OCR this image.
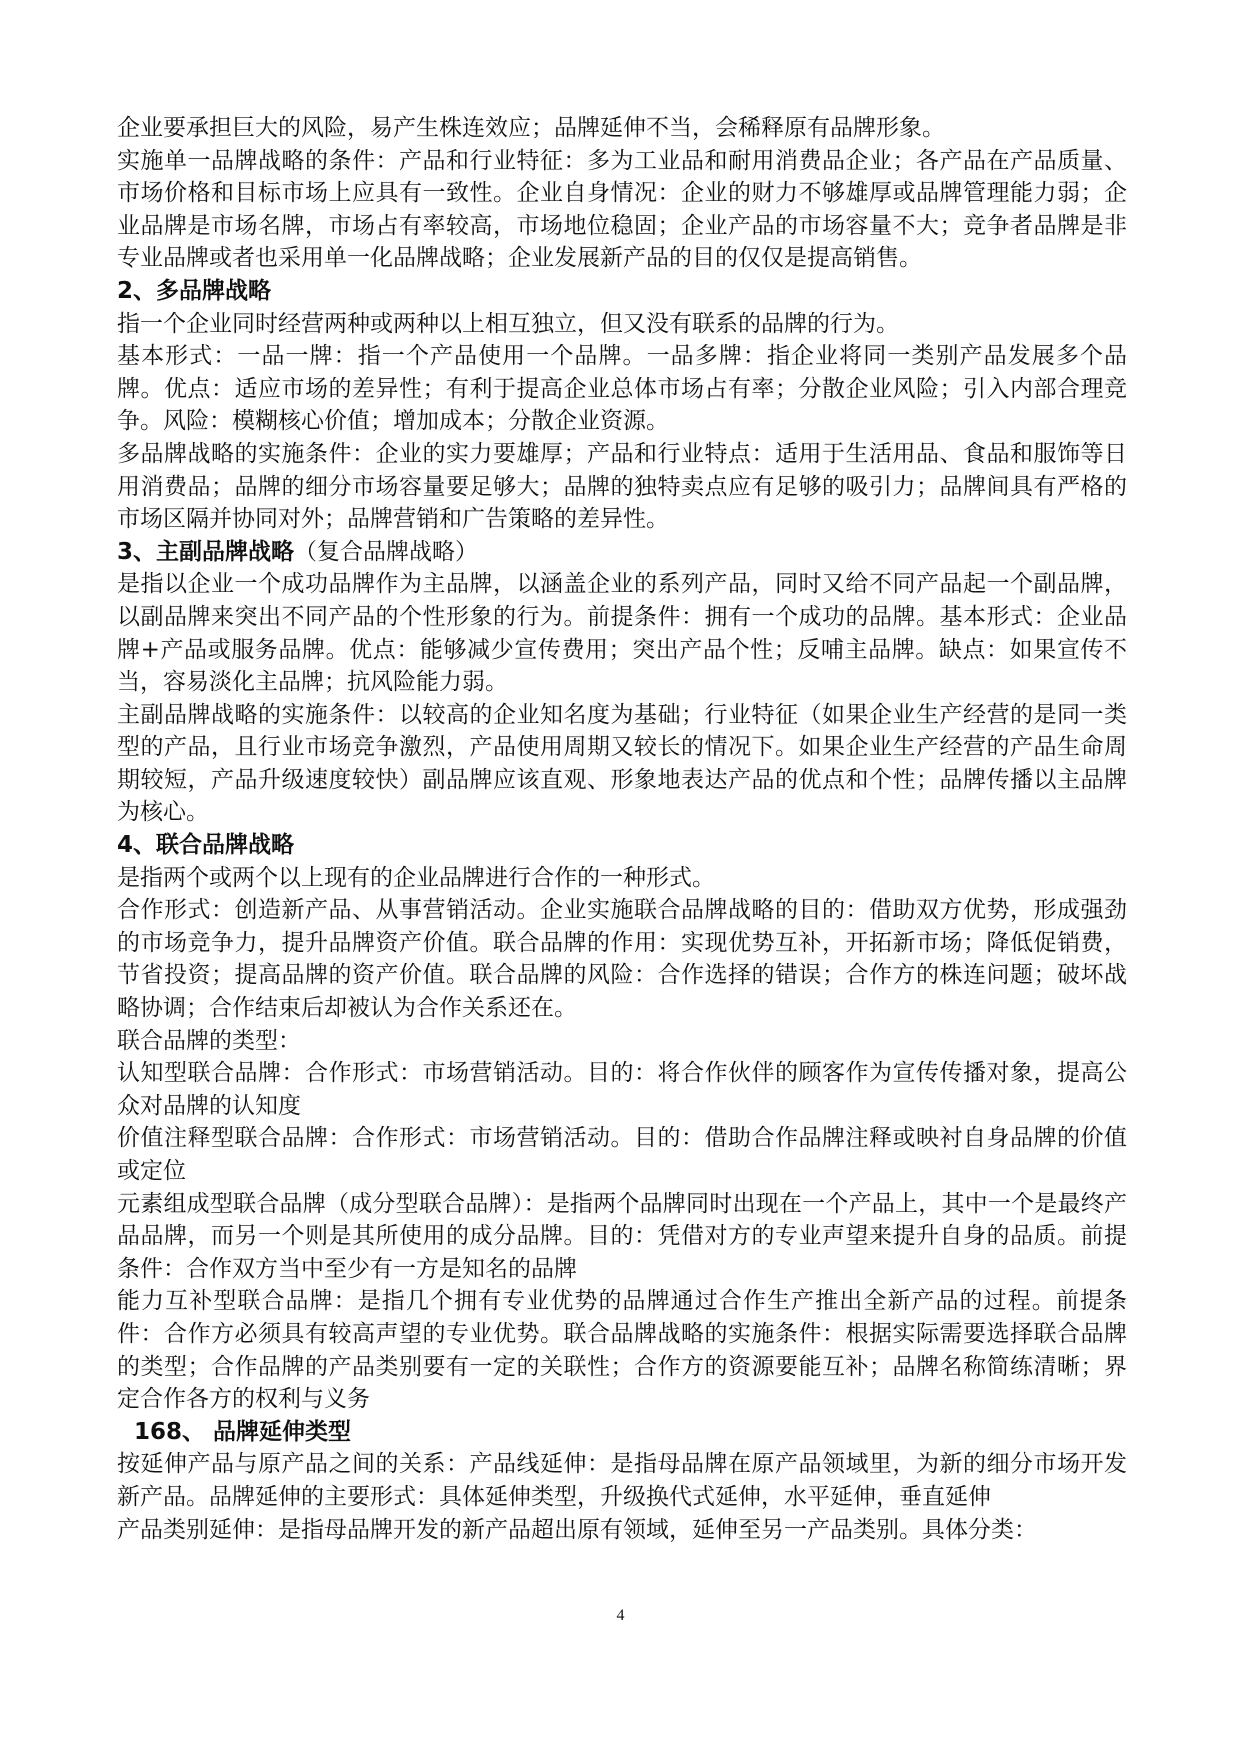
企业要承担巨大的风险，易产生株连效应；品牌延伸不当，会稀释原有品牌形象。

实施单一品牌战略的条件：产品和行业特征：多为工业品和耐用消费品企业；各产品在产品质量、市场价格和目标市场上应具有一致性。企业自身情况：企业的财力不够雄厚或品牌管理能力弱；企业品牌是市场名牌，市场占有率较高，市场地位稳固；企业产品的市场容量不大；竞争者品牌是非专业品牌或者也采用单一化品牌战略；企业发展新产品的目的仅仅是提高销售。

2、多品牌战略

指一个企业同时经营两种或两种以上相互独立，但又没有联系的品牌的行为。

基本形式：一品一牌：指一个产品使用一个品牌。一品多牌：指企业将同一类别产品发展多个品牌。优点：适应市场的差异性；有利于提高企业总体市场占有率；分散企业风险；引入内部合理竞争。风险：模糊核心价值；增加成本；分散企业资源。

多品牌战略的实施条件：企业的实力要雄厚；产品和行业特点：适用于生活用品、食品和服饰等日用消费品；品牌的细分市场容量要足够大；品牌的独特卖点应有足够的吸引力；品牌间具有严格的市场区隔并协同对外；品牌营销和广告策略的差异性。

3、主副品牌战略（复合品牌战略）

是指以企业一个成功品牌作为主品牌，以涵盖企业的系列产品，同时又给不同产品起一个副品牌，以副品牌来突出不同产品的个性形象的行为。前提条件：拥有一个成功的品牌。基本形式：企业品牌+产品或服务品牌。优点：能够减少宣传费用；突出产品个性；反哺主品牌。缺点：如果宣传不当，容易淡化主品牌；抗风险能力弱。

主副品牌战略的实施条件：以较高的企业知名度为基础；行业特征（如果企业生产经营的是同一类型的产品，且行业市场竞争激烈，产品使用周期又较长的情况下。如果企业生产经营的产品生命周期较短，产品升级速度较快）副品牌应该直观、形象地表达产品的优点和个性；品牌传播以主品牌为核心。

4、联合品牌战略

是指两个或两个以上现有的企业品牌进行合作的一种形式。

合作形式：创造新产品、从事营销活动。企业实施联合品牌战略的目的：借助双方优势，形成强劲的市场竞争力，提升品牌资产价值。联合品牌的作用：实现优势互补，开拓新市场；降低促销费，节省投资；提高品牌的资产价值。联合品牌的风险：合作选择的错误；合作方的株连问题；破坏战略协调；合作结束后却被认为合作关系还在。

联合品牌的类型：

认知型联合品牌：合作形式：市场营销活动。目的：将合作伙伴的顾客作为宣传传播对象，提高公众对品牌的认知度

价值注释型联合品牌：合作形式：市场营销活动。目的：借助合作品牌注释或映衬自身品牌的价值或定位

元素组成型联合品牌（成分型联合品牌）：是指两个品牌同时出现在一个产品上，其中一个是最终产品品牌，而另一个则是其所使用的成分品牌。目的：凭借对方的专业声望来提升自身的品质。前提条件：合作双方当中至少有一方是知名的品牌

能力互补型联合品牌：是指几个拥有专业优势的品牌通过合作生产推出全新产品的过程。前提条件：合作方必须具有较高声望的专业优势。联合品牌战略的实施条件：根据实际需要选择联合品牌的类型；合作品牌的产品类别要有一定的关联性；合作方的资源要能互补；品牌名称简练清晰；界定合作各方的权利与义务

168、 品牌延伸类型

按延伸产品与原产品之间的关系：产品线延伸：是指母品牌在原产品领域里，为新的细分市场开发新产品。品牌延伸的主要形式：具体延伸类型，升级换代式延伸，水平延伸，垂直延伸

产品类别延伸：是指母品牌开发的新产品超出原有领域，延伸至另一产品类别。具体分类：

4
